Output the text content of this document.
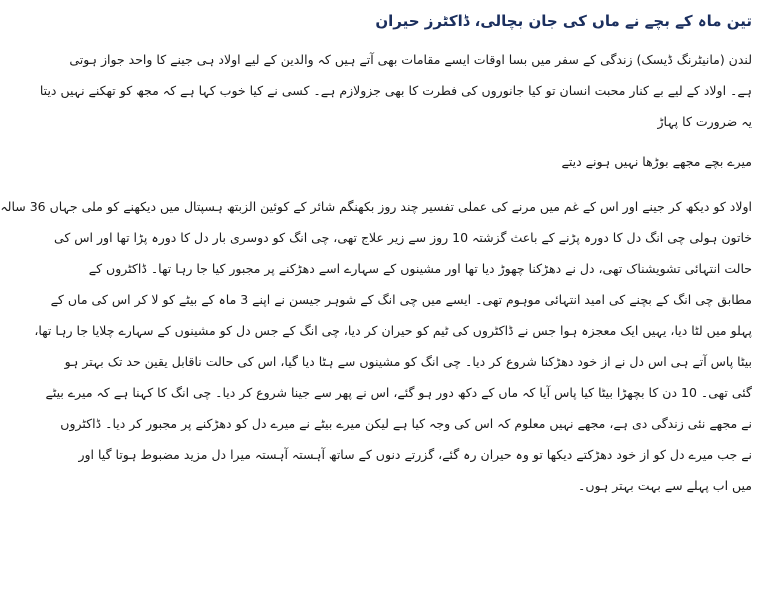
تین ماہ کے بچے نے ماں کی جان بچالی، ڈاکٹرز حیران

لندن (مانیٹرنگ ڈیسک) زندگی کے سفر میں بسا اوقات ایسے مقامات بھی آتے ہیں کہ والدین کے لیے اولاد ہی جینے کا واحد جواز ہوتی
ہے۔ اولاد کے لیے بے کنار محبت انسان تو کیا جانوروں کی فطرت کا بھی جزولازم ہے۔ کسی نے کیا خوب کہا ہے کہ مجھ کو تھکنے نہیں دیتا
یہ ضرورت کا پہاڑ

میرے بچے مجھے بوڑھا نہیں ہونے دیتے

اولاد کو دیکھ کر جینے اور اس کے غم میں مرنے کی عملی تفسیر چند روز بکھنگم شائر کے کوئین الزبتھ ہسپتال میں دیکھنے کو ملی جہاں 36 سالہ
خاتون ہولی چی انگ دل کا دورہ پڑنے کے باعث گزشتہ 10 روز سے زیر علاج تھی، چی انگ کو دوسری بار دل کا دورہ پڑا تھا اور اس کی
حالت انتہائی تشویشناک تھی، دل نے دھڑکنا چھوڑ دیا تھا اور مشینوں کے سہارے اسے دھڑکنے پر مجبور کیا جا رہا تھا۔ ڈاکٹروں کے
مطابق چی انگ کے بچنے کی امید انتہائی موہوم تھی۔ ایسے میں چی انگ کے شوہر جیسن نے اپنے 3 ماہ کے بیٹے کو لا کر اس کی ماں کے
پہلو میں لٹا دیا، یہیں ایک معجزہ ہوا جس نے ڈاکٹروں کی ٹیم کو حیران کر دیا، چی انگ کے جس دل کو مشینوں کے سہارے چلایا جا رہا تھا،
بیٹا پاس آتے ہی اس دل نے از خود دھڑکنا شروع کر دیا۔ چی انگ کو مشینوں سے ہٹا دیا گیا، اس کی حالت ناقابل یقین حد تک بہتر ہو
گئی تھی۔ 10 دن کا بچھڑا بیٹا کیا پاس آیا کہ ماں کے دکھ دور ہو گئے، اس نے پھر سے جینا شروع کر دیا۔ چی انگ کا کہنا ہے کہ میرے بیٹے
نے مجھے نئی زندگی دی ہے، مجھے نہیں معلوم کہ اس کی وجہ کیا ہے لیکن میرے بیٹے نے میرے دل کو دھڑکنے پر مجبور کر دیا۔ ڈاکٹروں
نے جب میرے دل کو از خود دھڑکتے دیکھا تو وہ حیران رہ گئے، گزرتے دنوں کے ساتھ آہستہ آہستہ میرا دل مزید مضبوط ہوتا گیا اور
میں اب پہلے سے بہت بہتر ہوں۔
